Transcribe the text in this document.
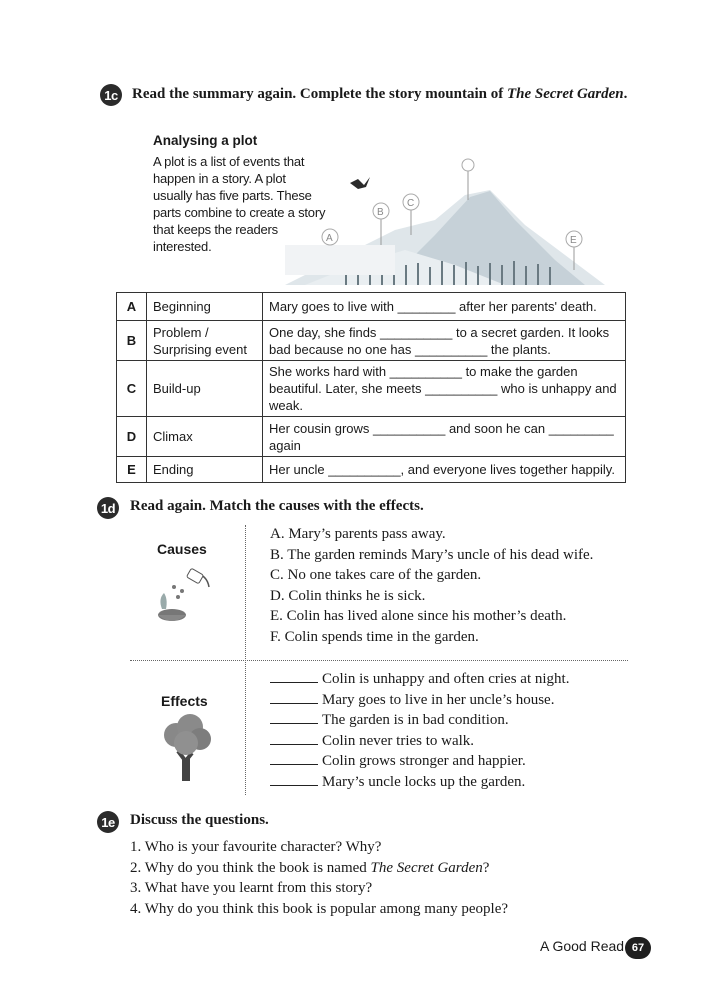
1c Read the summary again. Complete the story mountain of The Secret Garden.
Analysing a plot
A plot is a list of events that happen in a story. A plot usually has five parts. These parts combine to create a story that keeps the readers interested.
A
B
C
E
A	Beginning	Mary goes to live with ________ after her parents' death.
B	Problem / Surprising event	One day, she finds __________ to a secret garden. It looks bad because no one has __________ the plants.
C	Build-up	She works hard with __________ to make the garden beautiful. Later, she meets __________ who is unhappy and weak.
D	Climax	Her cousin grows __________ and soon he can _________ again
E	Ending	Her uncle __________, and everyone lives together happily.
1d Read again. Match the causes with the effects.
Causes
A. Mary’s parents pass away.
B. The garden reminds Mary’s uncle of his dead wife.
C. No one takes care of the garden.
D. Colin thinks he is sick.
E. Colin has lived alone since his mother’s death.
F. Colin spends time in the garden.
Effects
Colin is unhappy and often cries at night.
Mary goes to live in her uncle’s house.
The garden is in bad condition.
Colin never tries to walk.
Colin grows stronger and happier.
Mary’s uncle locks up the garden.
1e Discuss the questions.
1. Who is your favourite character? Why?
2. Why do you think the book is named The Secret Garden?
3. What have you learnt from this story?
4. Why do you think this book is popular among many people?
A Good Read 67
